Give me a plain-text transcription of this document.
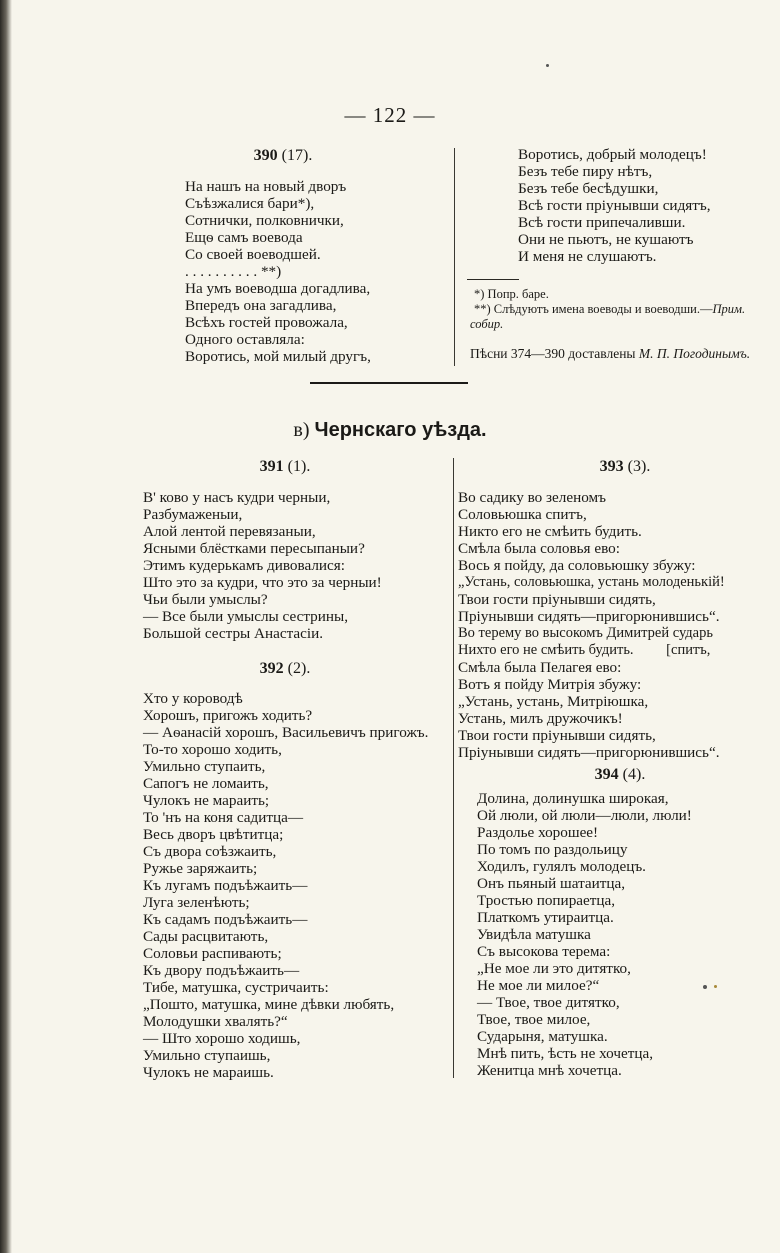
— 122 —
390 (17).
На нашъ на новый дворъ
Съѣзжалися бари*),
Сотнички, полковнички,
Ещѳ самъ воевода
Со своей воеводшей.
. . . . . . . . . . **)
На умъ воеводша догадлива,
Впередъ она загадлива,
Всѣхъ гостей провожала,
Одного оставляла:
Воротись, мой милый другъ,
Воротись, добрый молодецъ!
Безъ тебе пиру нѣтъ,
Безъ тебе бесѣдушки,
Всѣ гости пріунывши сидятъ,
Всѣ гости припечаливши.
Они не пьютъ, не кушаютъ
И меня не слушаютъ.
*) Попр. баре.
**) Слѣдуютъ имена воеводы и воеводши.—Прим.
собир.
Пѣсни 374—390 доставлены М. П. Погодинымъ.
в) Чернскаго уѣзда.
391 (1).
В' ково у насъ кудри черныи,
Разбумаженыи,
Алой лентой перевязаныи,
Ясными блёстками пересыпаныи?
Этимъ кудерькамъ дивовалися:
Што это за кудри, что это за черныи!
Чьи были умыслы?
— Все были умыслы сестрины,
Большой сестры Анастасіи.
392 (2).
Хто у короводѣ
Хорошъ, пригожъ ходить?
— Аѳанасій хорошъ, Васильевичъ пригожъ.
То-то хорошо ходить,
Умильно ступаить,
Сапогъ не ломаить,
Чулокъ не мараить;
То 'нъ на коня садитца—
Весь дворъ цвѣтитца;
Съ двора соѣзжаить,
Ружье заряжаить;
Къ лугамъ подъѣжаить—
Луга зеленѣють;
Къ садамъ подъѣжаить—
Сады расцвитають,
Соловьи распивають;
Къ двору подъѣжаить—
Тибе, матушка, сустричаить:
„Пошто, матушка, мине дѣвки любять,
Молодушки хвалять?“
— Што хорошо ходишь,
Умильно ступаишь,
Чулокъ не мараишь.
393 (3).
Во садику во зеленомъ
Соловьюшка спитъ,
Никто его не смѣить будить.
Смѣла была соловья ево:
Вось я пойду, да соловьюшку збужу:
„Устань, соловьюшка, устань молоденькій!
Твои гости пріунывши сидять,
Пріунывши сидять—пригорюнившись“.
Во терему во высокомъ Димитрей сударь
Нихто его не смѣить будить.         [спитъ,
Смѣла была Пелагея ево:
Вотъ я пойду Митрія збужу:
„Устань, устань, Митріюшка,
Устань, милъ дружочикъ!
Твои гости пріунывши сидять,
Пріунывши сидять—пригорюнившись“.
394 (4).
Долина, долинушка широкая,
Ой люли, ой люли—люли, люли!
Раздолье хорошее!
По томъ по раздольицу
Ходилъ, гулялъ молодецъ.
Онъ пьяный шатаитца,
Тростью попираетца,
Платкомъ утираитца.
Увидѣла матушка
Съ высокова терема:
„Не мое ли это дитятко,
Не мое ли милое?“
— Твое, твое дитятко,
Твое, твое милое,
Сударыня, матушка.
Мнѣ пить, ѣсть не хочетца,
Женитца мнѣ хочетца.
